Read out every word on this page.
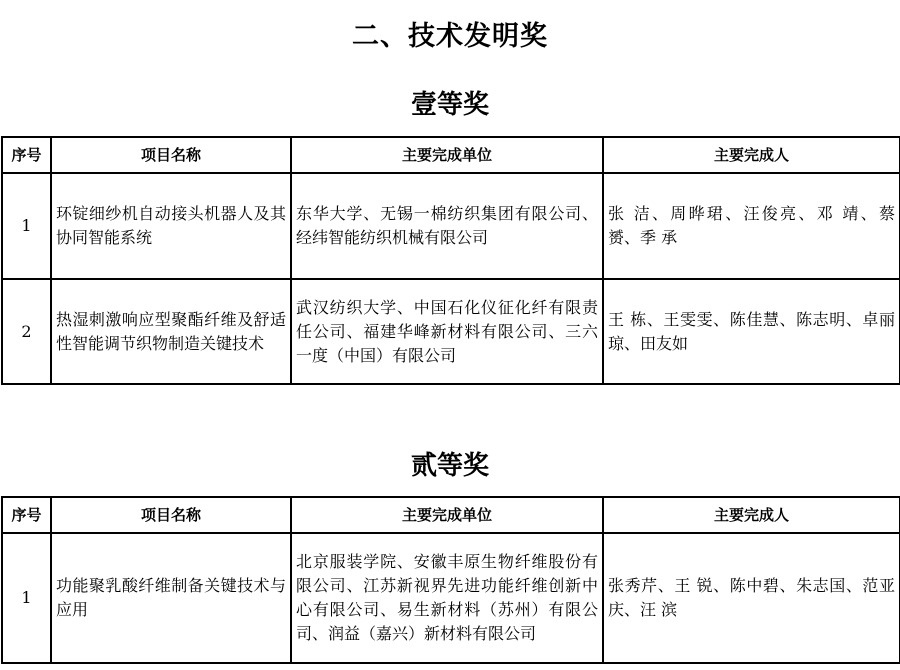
二、技术发明奖
壹等奖
序号	项目名称	主要完成单位	主要完成人
1	环锭细纱机自动接头机器人及其协同智能系统	东华大学、无锡一棉纺织集团有限公司、经纬智能纺织机械有限公司	张 洁、周晔珺、汪俊亮、邓 靖、蔡 赟、季 承
2	热湿刺激响应型聚酯纤维及舒适性智能调节织物制造关键技术	武汉纺织大学、中国石化仪征化纤有限责任公司、福建华峰新材料有限公司、三六一度（中国）有限公司	王 栋、王雯雯、陈佳慧、陈志明、卓丽琼、田友如
贰等奖
序号	项目名称	主要完成单位	主要完成人
1	功能聚乳酸纤维制备关键技术与应用	北京服装学院、安徽丰原生物纤维股份有限公司、江苏新视界先进功能纤维创新中心有限公司、易生新材料（苏州）有限公司、润益（嘉兴）新材料有限公司	张秀芹、王 锐、陈中碧、朱志国、范亚庆、汪 滨
